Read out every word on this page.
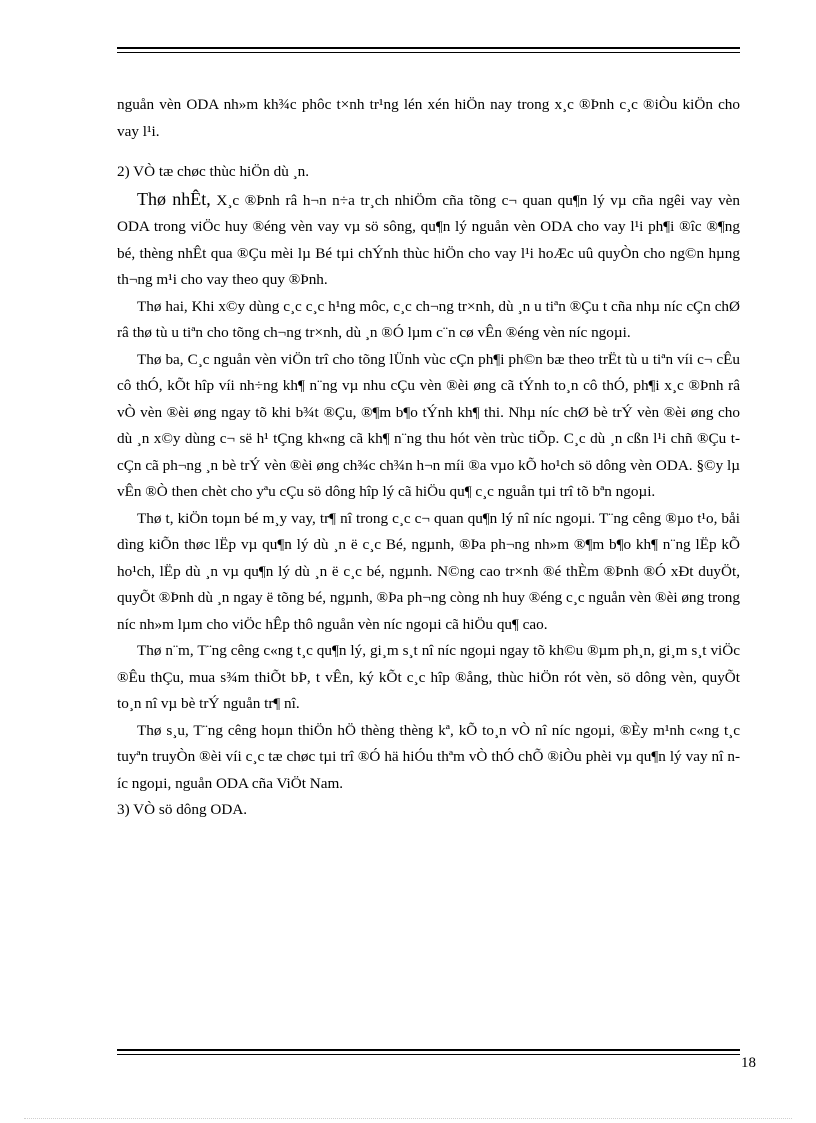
nguån vèn ODA nh»m kh¾c phôc t×nh tr¹ng lén xén hiÖn nay trong x¸c ®Þnh c¸c ®iÒu kiÖn cho vay l¹i.

2) VÒ tæ chøc thùc hiÖn dù ¸n.

Thø nhÊt, X¸c ®Þnh râ h¬n n÷a tr¸ch nhiÖm cña tõng c¬ quan qu¶n lý vµ cña ngêi vay vèn ODA trong viÖc huy ®éng vèn vay vµ sö sông, qu¶n lý nguån vèn ODA cho vay l¹i ph¶i ®îc ®¶ng bé, thèng nhÊt qua ®Çu mèi lµ Bé tµi chÝnh thùc hiÖn cho vay l¹i hoÆc uû quyÒn cho ng©n hµng th¬ng m¹i cho vay theo quy ®Þnh.

Thø hai, Khi x©y dùng c¸c c¸c h¹ng môc, c¸c ch¬ng tr×nh, dù ¸n u tiªn ®Çu t cña nhµ níc cÇn chØ râ thø tù u tiªn cho tõng ch¬ng tr×nh, dù ¸n ®Ó lµm c¨n cø vÊn ®éng vèn níc ngoµi.

Thø ba, C¸c nguån vèn viÖn trî cho tõng lÜnh vùc cÇn ph¶i ph©n bæ theo trËt tù u tiªn víi c¬ cÊu cô thÓ, kÕt hîp víi nh÷ng kh¶ n¨ng vµ nhu cÇu vèn ®èi øng cã tÝnh to¸n cô thÓ, ph¶i x¸c ®Þnh râ vÒ vèn ®èi øng ngay tõ khi b¾t ®Çu, ®¶m b¶o tÝnh kh¶ thi. Nhµ níc chØ bè trÝ vèn ®èi øng cho dù ¸n x©y dùng c¬ së h¹ tÇng kh«ng cã kh¶ n¨ng thu hót vèn trùc tiÕp. C¸c dù ¸n cßn l¹i chñ ®Çu t cÇn cã ph¬ng ¸n bè trÝ vèn ®èi øng ch¾c ch¾n h¬n míi ®a vµo kÕ ho¹ch sö dông vèn ODA. §©y lµ vÊn ®Ò then chèt cho yªu cÇu sö dông hîp lý cã hiÖu qu¶ c¸c nguån tµi trî tõ bªn ngoµi.

Thø t, kiÖn toµn bé m¸y vay, tr¶ nî trong c¸c c¬ quan qu¶n lý nî níc ngoµi. T¨ng cêng ®µo t¹o, båi dìng kiÕn thøc lËp vµ qu¶n lý dù ¸n ë c¸c Bé, ngµnh, ®Þa ph¬ng nh»m ®¶m b¶o kh¶ n¨ng lËp kÕ ho¹ch, lËp dù ¸n vµ qu¶n lý dù ¸n ë c¸c bé, ngµnh. N©ng cao tr×nh ®é thÈm ®Þnh ®Ó xÐt duyÖt, quyÕt ®Þnh dù ¸n ngay ë tõng bé, ngµnh, ®Þa ph¬ng còng nh huy ®éng c¸c nguån vèn ®èi øng trong níc nh»m lµm cho viÖc hÊp thô nguån vèn níc ngoµi cã hiÖu qu¶ cao.

Thø n¨m, T¨ng cêng c«ng t¸c qu¶n lý, gi¸m s¸t nî níc ngoµi ngay tõ kh©u ®µm ph¸n, gi¸m s¸t viÖc ®Êu thÇu, mua s¾m thiÕt bÞ, t vÊn, ký kÕt c¸c hîp ®ång, thùc hiÖn rót vèn, sö dông vèn, quyÕt to¸n nî vµ bè trÝ nguån tr¶ nî.

Thø s¸u, T¨ng cêng hoµn thiÖn hÖ thèng thèng kª, kÕ to¸n vÒ nî níc ngoµi, ®Èy m¹nh c«ng t¸c tuyªn truyÒn ®èi víi c¸c tæ chøc tµi trî ®Ó hä hiÓu thªm vÒ thÓ chÕ ®iÒu phèi vµ qu¶n lý vay nî níc ngoµi, nguån ODA cña ViÖt Nam.

3) VÒ sö dông ODA.

18
